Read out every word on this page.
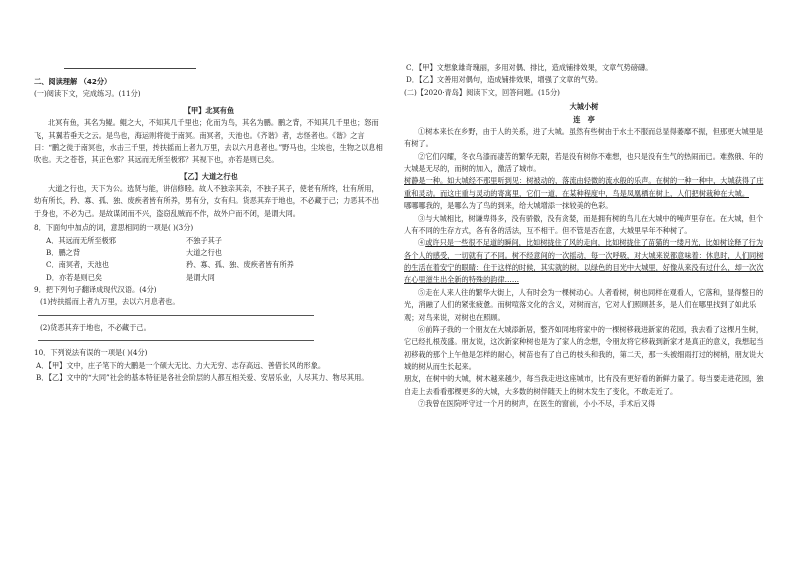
二、阅读理解 （42分）

(一)阅读下文，完成练习。(11分)

【甲】北冥有鱼

北冥有鱼，其名为鲲。鲲之大，不知其几千里也；化而为鸟，其名为鹏。鹏之背，不知其几千里也；怒而飞，其翼若垂天之云。是鸟也，海运则将徙于南冥。南冥者，天池也。《齐谐》者，志怪者也。《谐》之言曰：“鹏之徙于南冥也，水击三千里，抟扶摇而上者九万里，去以六月息者也。”野马也，尘埃也，生物之以息相吹也。天之苍苍，其正色邪？其远而无所至极邪？其视下也，亦若是则已矣。

【乙】大道之行也

大道之行也，天下为公。选贤与能，讲信修睦。故人不独亲其亲，不独子其子，使老有所终，壮有所用，幼有所长，矜、寡、孤、独、废疾者皆有所养，男有分，女有归。货恶其弃于地也，不必藏于己；力恶其不出于身也，不必为己。是故谋闭而不兴，盗窃乱贼而不作，故外户而不闭，是谓大同。

8．下面句中加点的词，意思相同的一项是( )(3分)

A．其远而无所至极邪	不独子其子
B．鹏之背	大道之行也
C．南冥者，天池也	矜、寡、孤、独、废疾者皆有所养
D．亦若是则已矣	是谓大同

9．把下列句子翻译成现代汉语。(4分)

(1)抟扶摇而上者九万里，去以六月息者也。

(2)货恶其弃于地也，不必藏于己。

10．下列说法有误的一项是( )(4分)

A．【甲】文中，庄子笔下的大鹏是一个硕大无比、力大无穷、志存高远、善借长风的形象。

B．【乙】文中的“大同”社会的基本特征是各社会阶层的人都互相关爱、安居乐业，人尽其力、物尽其用。

C．【甲】文想象雄奇瑰丽，多用对偶、排比，造成铺排效果，文章气势磅礴。

D．【乙】文善用对偶句，造成铺排效果，增强了文章的气势。

(二)【2020·青岛】阅读下文，回答问题。(15分)

大城小树

连　亭

①树本来长在乡野，由于人的关系，进了大城。虽然有些树由于水土不服而总显得萎靡不振，但那更大城里是有树了。

②它们闪耀，冬衣乌漆而凄苦的繁华无限，若是没有树你不难想，也只是没有生气的热闹而已。难熬俄、年的大城是无尽的，而树的加入，激活了城市。

树静是一种。如大城经不那里听到见：树被动的，落流由轻微的流水般的乐声。在树的一种一种中，大城获得了庄重和灵动。而这庄重与灵动的寄寓里，它们一道，在某种程度中，鸟是凤凰栖在树上，人们把树栽种在大城。

哪哪哪我的，是哪么为了鸟的到来，给大城增添一抹较美的色彩。

③与大城相比，树谦卑得多，没有骄傲，没有贪婪，而是拥有树的鸟儿在大城中的噪声里存在。在大城，但个人有不同的生存方式，各有各的活法，互不相干。但不管是否在意，大城里早年不种树了。

④或许只是一些很不足道的瞬间，比如树拢住了风的走向，比如树拢住了苗猫的一缕月光，比如树诠释了行为各个人的感受，一切就有了不同。树不经意间的一次摇动，每一次呼吸，对大城来说都意味着：休息时，人们同树的生活在着安宁的眼睛：住于这样的时候，其实就的树。以绿色的目光中大城里，好像从来没有过什么，却一次次在心里滋生出全新的特殊的韵律……

⑤走在人来人往的繁华大街上，人有时会为一棵树动心。人者看树，树也同样在观看人，它落和，显得整日的光，消融了人们的紧张疲惫。而树喧落文化的含义，对树而言，它对人们照顾甚多，是人们在哪里找到了如此乐观；对鸟来说，对树也在照顾。

⑥前阵子我的一个朋友在大城添新居，整齐如同地将家中的一棵树移栽进新家的花园，我去看了这棵月生树，它已经扎根茂盛。朋友说，这次新家种树也是为了家人的念想，令朋友将它移栽到新家才是真正的意义，我想起当初移栽的那个上午他是怎样的耐心，树苗也有了自己的枝头和我的，第二天，那一头被细雨打过的树梢，朋友说大城的树从而生长起来。

朋友，在树中的大城，树木越来越少，每当我走进这座城市，比有没有更好看的新鲜力量了。每当要走进花园，独自走上去看看那棵更多的大城，大多数的树伴随天上的树木发生了变化，不敢走近了。

⑦我曾在医院呼守过一个月的树声，在医生的窗前，小小不尽，手术后又得
